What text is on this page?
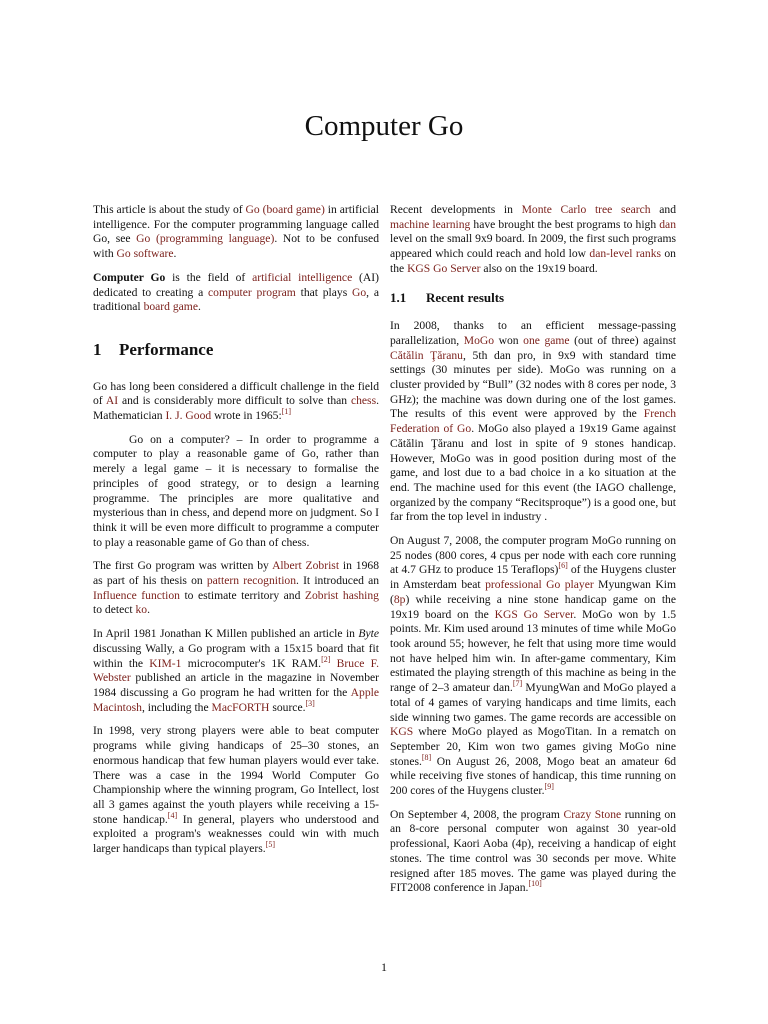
Computer Go

This article is about the study of Go (board game) in artificial intelligence. For the computer programming language called Go, see Go (programming language). Not to be confused with Go software.

Computer Go is the field of artificial intelligence (AI) dedicated to creating a computer program that plays Go, a traditional board game.

1 Performance

Go has long been considered a difficult challenge in the field of AI and is considerably more difficult to solve than chess. Mathematician I. J. Good wrote in 1965:[1]

Go on a computer? – In order to programme a computer to play a reasonable game of Go, rather than merely a legal game – it is necessary to formalise the principles of good strategy, or to design a learning programme. The principles are more qualitative and mysterious than in chess, and depend more on judgment. So I think it will be even more difficult to programme a computer to play a reasonable game of Go than of chess.

The first Go program was written by Albert Zobrist in 1968 as part of his thesis on pattern recognition. It introduced an Influence function to estimate territory and Zobrist hashing to detect ko.

In April 1981 Jonathan K Millen published an article in Byte discussing Wally, a Go program with a 15x15 board that fit within the KIM-1 microcomputer's 1K RAM.[2] Bruce F. Webster published an article in the magazine in November 1984 discussing a Go program he had written for the Apple Macintosh, including the MacFORTH source.[3]

In 1998, very strong players were able to beat computer programs while giving handicaps of 25–30 stones, an enormous handicap that few human players would ever take. There was a case in the 1994 World Computer Go Championship where the winning program, Go Intellect, lost all 3 games against the youth players while receiving a 15-stone handicap.[4] In general, players who understood and exploited a program's weaknesses could win with much larger handicaps than typical players.[5]

Recent developments in Monte Carlo tree search and machine learning have brought the best programs to high dan level on the small 9x9 board. In 2009, the first such programs appeared which could reach and hold low dan-level ranks on the KGS Go Server also on the 19x19 board.

1.1 Recent results

In 2008, thanks to an efficient message-passing parallelization, MoGo won one game (out of three) against Cătălin Ţăranu, 5th dan pro, in 9x9 with standard time settings (30 minutes per side). MoGo was running on a cluster provided by “Bull” (32 nodes with 8 cores per node, 3 GHz); the machine was down during one of the lost games. The results of this event were approved by the French Federation of Go. MoGo also played a 19x19 Game against Cătălin Ţăranu and lost in spite of 9 stones handicap. However, MoGo was in good position during most of the game, and lost due to a bad choice in a ko situation at the end. The machine used for this event (the IAGO challenge, organized by the company “Recitsproque”) is a good one, but far from the top level in industry .

On August 7, 2008, the computer program MoGo running on 25 nodes (800 cores, 4 cpus per node with each core running at 4.7 GHz to produce 15 Teraflops)[6] of the Huygens cluster in Amsterdam beat professional Go player Myungwan Kim (8p) while receiving a nine stone handicap game on the 19x19 board on the KGS Go Server. MoGo won by 1.5 points. Mr. Kim used around 13 minutes of time while MoGo took around 55; however, he felt that using more time would not have helped him win. In after-game commentary, Kim estimated the playing strength of this machine as being in the range of 2–3 amateur dan.[7] MyungWan and MoGo played a total of 4 games of varying handicaps and time limits, each side winning two games. The game records are accessible on KGS where MoGo played as MogoTitan. In a rematch on September 20, Kim won two games giving MoGo nine stones.[8] On August 26, 2008, Mogo beat an amateur 6d while receiving five stones of handicap, this time running on 200 cores of the Huygens cluster.[9]

On September 4, 2008, the program Crazy Stone running on an 8-core personal computer won against 30 year-old professional, Kaori Aoba (4p), receiving a handicap of eight stones. The time control was 30 seconds per move. White resigned after 185 moves. The game was played during the FIT2008 conference in Japan.[10]

1
